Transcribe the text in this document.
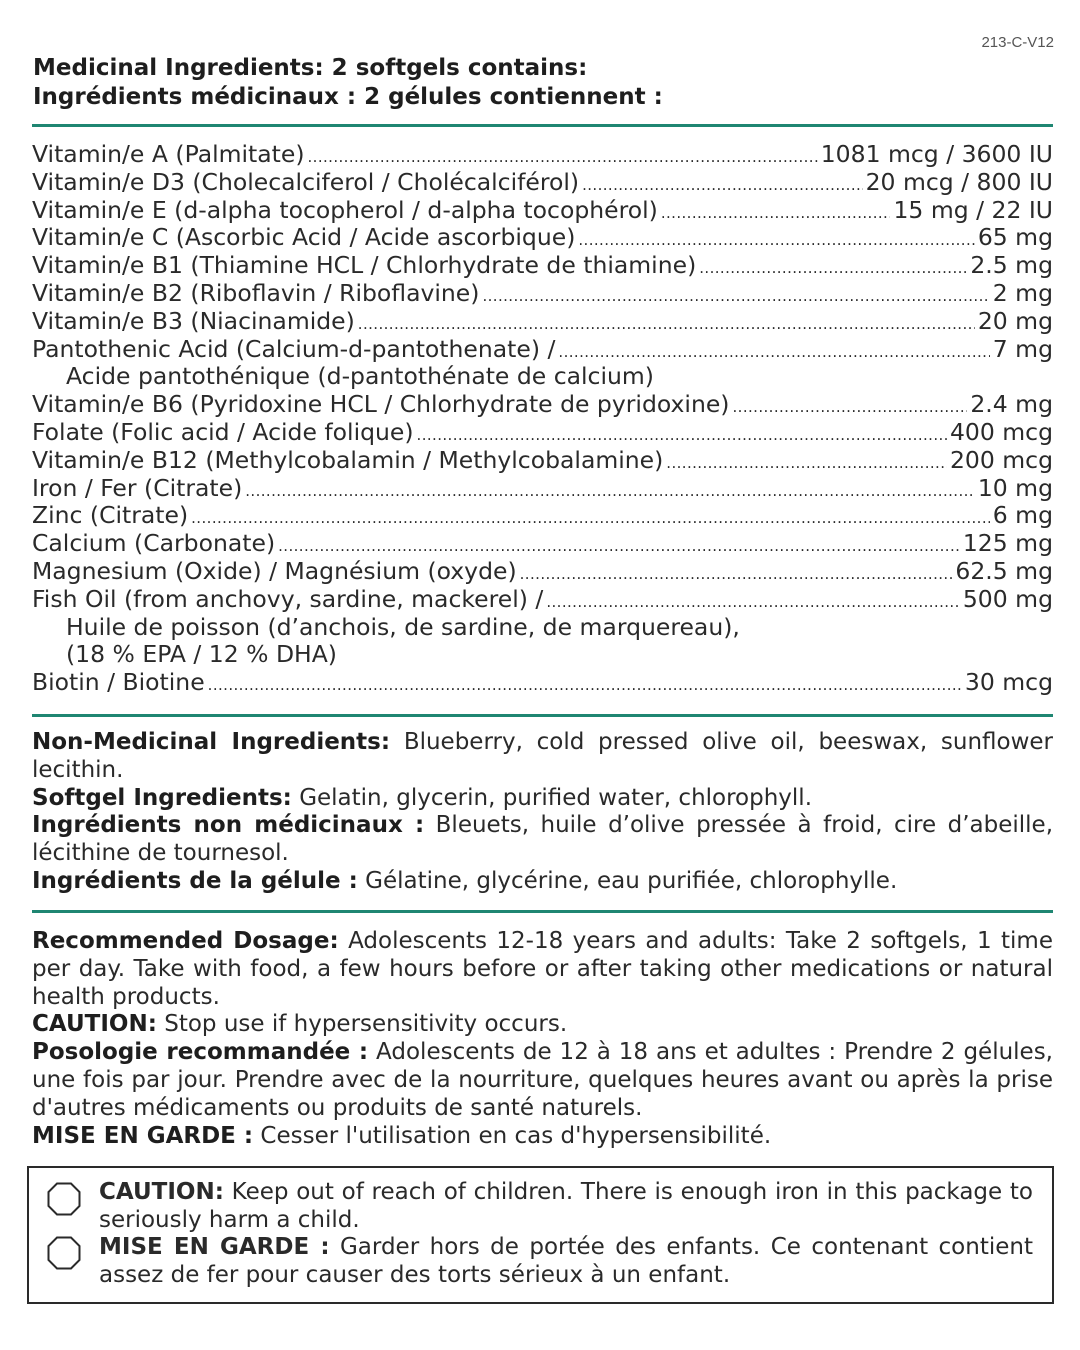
213-C-V12
Medicinal Ingredients: 2 softgels contains:
Ingrédients médicinaux : 2 gélules contiennent :
Vitamin/e A (Palmitate) .....	1081 mcg / 3600 IU
Vitamin/e D3 (Cholecalciferol / Cholécalciférol) .....	20 mcg / 800 IU
Vitamin/e E (d-alpha tocopherol / d-alpha tocophérol) .....	15 mg / 22 IU
Vitamin/e C (Ascorbic Acid / Acide ascorbique) .....	65 mg
Vitamin/e B1 (Thiamine HCL / Chlorhydrate de thiamine) .....	2.5 mg
Vitamin/e B2 (Riboflavin / Riboflavine) .....	2 mg
Vitamin/e B3 (Niacinamide) .....	20 mg
Pantothenic Acid (Calcium-d-pantothenate) / .....	7 mg
Acide pantothénique (d-pantothénate de calcium)
Vitamin/e B6 (Pyridoxine HCL / Chlorhydrate de pyridoxine) .....	2.4 mg
Folate (Folic acid / Acide folique) .....	400 mcg
Vitamin/e B12 (Methylcobalamin / Methylcobalamine) .....	200 mcg
Iron / Fer (Citrate) .....	10 mg
Zinc (Citrate) .....	6 mg
Calcium (Carbonate) .....	125 mg
Magnesium (Oxide) / Magnésium (oxyde) .....	62.5 mg
Fish Oil (from anchovy, sardine, mackerel) / .....	500 mg
Huile de poisson (d’anchois, de sardine, de marquereau),
(18 % EPA / 12 % DHA)
Biotin / Biotine .....	30 mcg

Non-Medicinal Ingredients: Blueberry, cold pressed olive oil, beeswax, sunflower lecithin.

Softgel Ingredients: Gelatin, glycerin, purified water, chlorophyll.

Ingrédients non médicinaux : Bleuets, huile d’olive pressée à froid, cire d’abeille, lécithine de tournesol.

Ingrédients de la gélule : Gélatine, glycérine, eau purifiée, chlorophylle.

Recommended Dosage: Adolescents 12-18 years and adults: Take 2 softgels, 1 time per day. Take with food, a few hours before or after taking other medications or natural health products.

CAUTION: Stop use if hypersensitivity occurs.

Posologie recommandée : Adolescents de 12 à 18 ans et adultes : Prendre 2 gélules, une fois par jour. Prendre avec de la nourriture, quelques heures avant ou après la prise d'autres médicaments ou produits de santé naturels.

MISE EN GARDE : Cesser l'utilisation en cas d'hypersensibilité.

CAUTION: Keep out of reach of children. There is enough iron in this package to seriously harm a child.

MISE EN GARDE : Garder hors de portée des enfants. Ce contenant contient assez de fer pour causer des torts sérieux à un enfant.
